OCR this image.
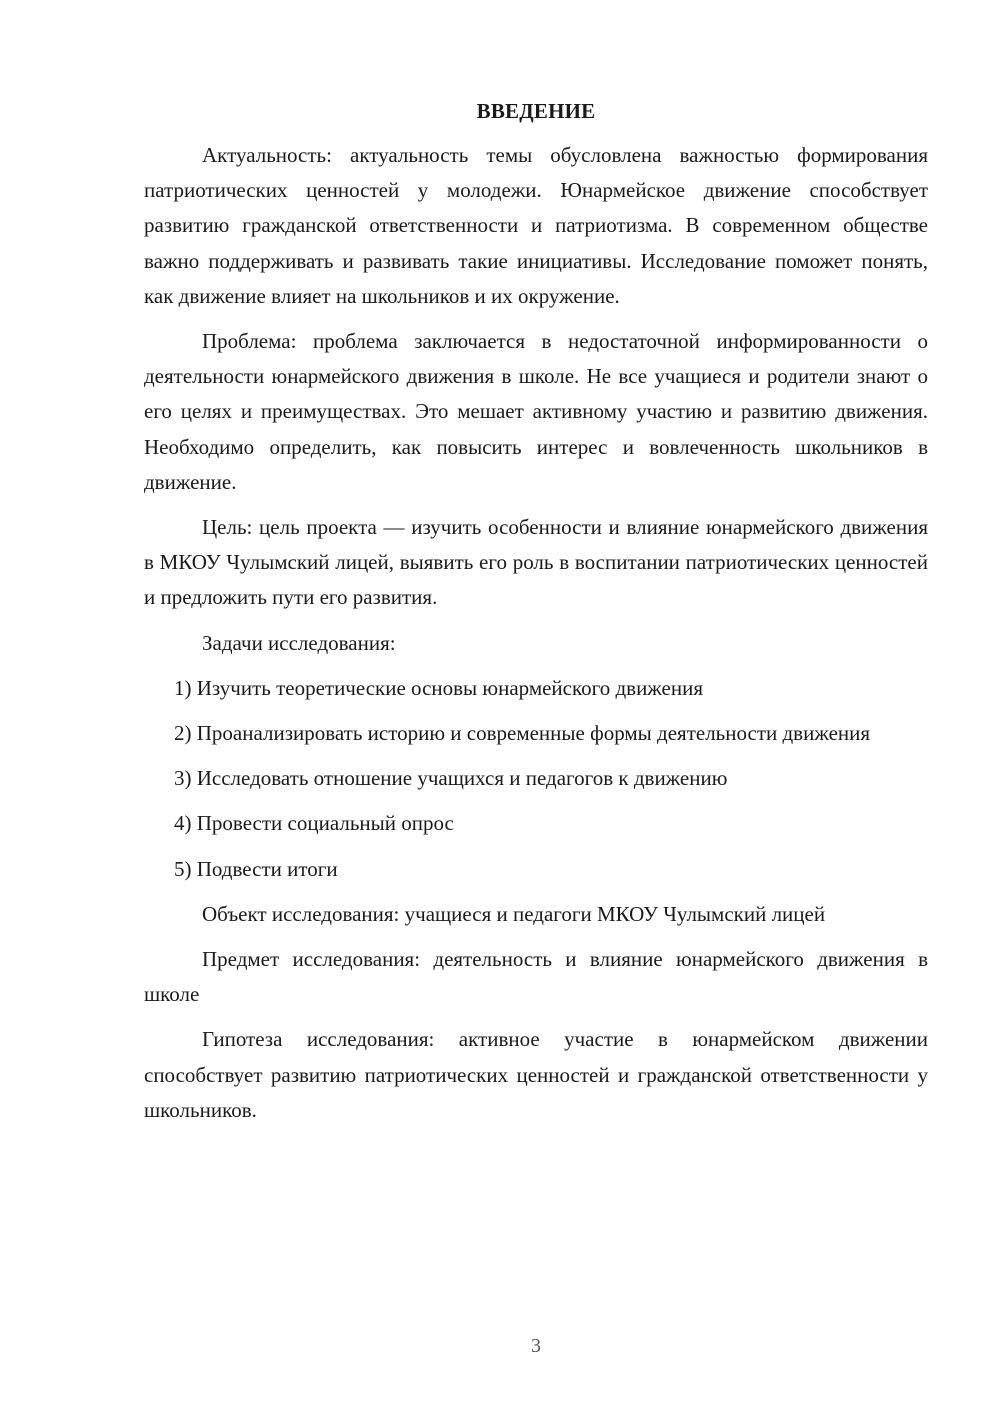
ВВЕДЕНИЕ

Актуальность: актуальность темы обусловлена важностью формирования патриотических ценностей у молодежи. Юнармейское движение способствует развитию гражданской ответственности и патриотизма. В современном обществе важно поддерживать и развивать такие инициативы. Исследование поможет понять, как движение влияет на школьников и их окружение.

Проблема: проблема заключается в недостаточной информированности о деятельности юнармейского движения в школе. Не все учащиеся и родители знают о его целях и преимуществах. Это мешает активному участию и развитию движения. Необходимо определить, как повысить интерес и вовлеченность школьников в движение.

Цель: цель проекта — изучить особенности и влияние юнармейского движения в МКОУ Чулымский лицей, выявить его роль в воспитании патриотических ценностей и предложить пути его развития.

Задачи исследования:

1) Изучить теоретические основы юнармейского движения

2) Проанализировать историю и современные формы деятельности движения

3) Исследовать отношение учащихся и педагогов к движению

4) Провести социальный опрос

5) Подвести итоги

Объект исследования: учащиеся и педагоги МКОУ Чулымский лицей

Предмет исследования: деятельность и влияние юнармейского движения в школе

Гипотеза исследования: активное участие в юнармейском движении способствует развитию патриотических ценностей и гражданской ответственности у школьников.

3
